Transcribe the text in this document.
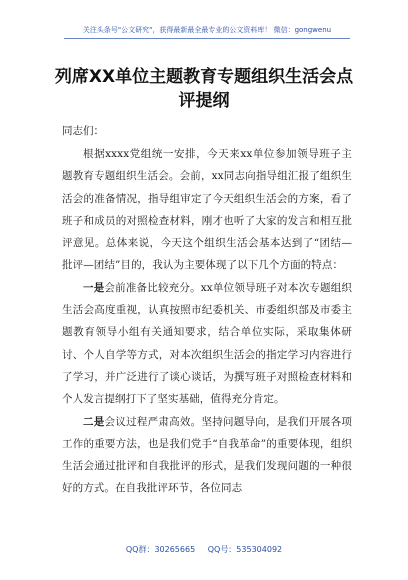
关注头条号"公文研究"，获得最新最全最专业的公文资料库！ 微信：gongwenu
列席XX单位主题教育专题组织生活会点
评提纲
同志们：

根据xxxx党组统一安排，今天来xx单位参加领导班子主题教育专题组织生活会。会前，xx同志向指导组汇报了组织生活会的准备情况，指导组审定了今天组织生活会的方案，看了班子和成员的对照检查材料，刚才也听了大家的发言和相互批评意见。总体来说，今天这个组织生活会基本达到了“团结—批评—团结”目的，我认为主要体现了以下几个方面的特点：

一是会前准备比较充分。xx单位领导班子对本次专题组织生活会高度重视，认真按照市纪委机关、市委组织部及市委主题教育领导小组有关通知要求，结合单位实际，采取集体研讨、个人自学等方式，对本次组织生活会的指定学习内容进行了学习，并广泛进行了谈心谈话，为撰写班子对照检查材料和个人发言提纲打下了坚实基础，值得充分肯定。

二是会议过程严肃高效。坚持问题导向，是我们开展各项工作的重要方法，也是我们党手“自我革命”的重要体现，组织生活会通过批评和自我批评的形式，是我们发现问题的一种很好的方式。在自我批评环节，各位同志

QQ群：30265665 QQ号：535304092
